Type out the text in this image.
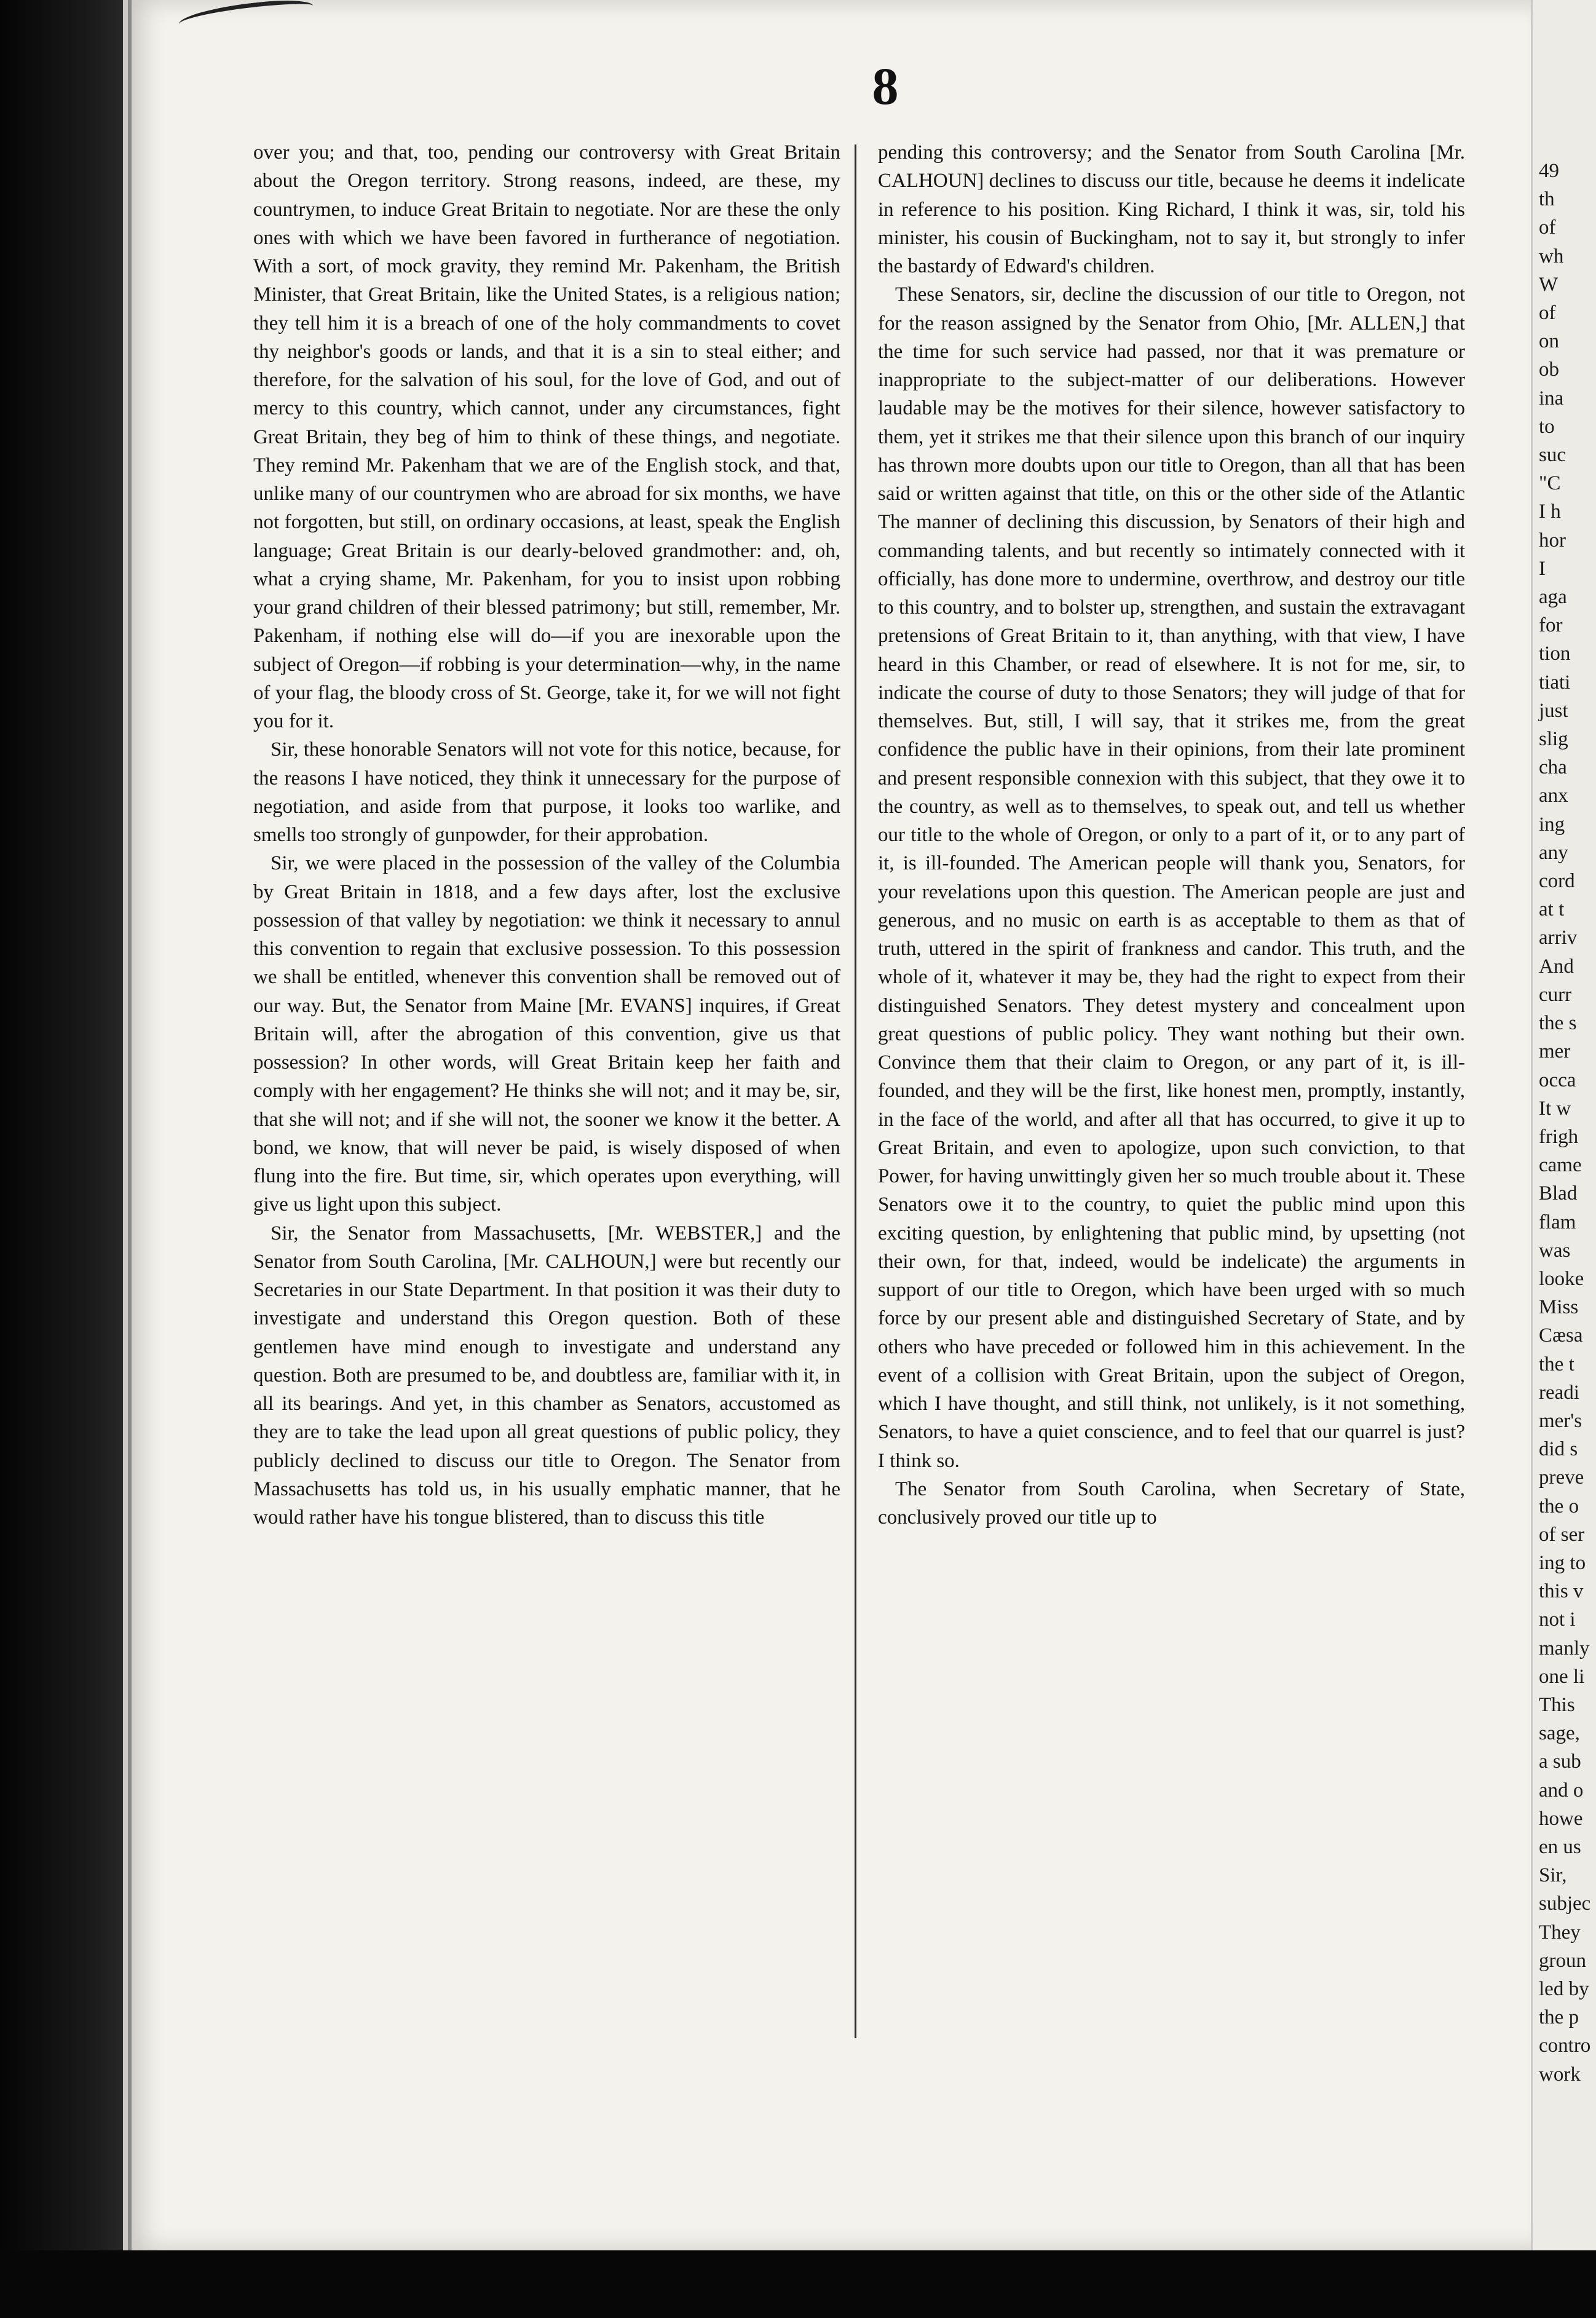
8

over you; and that, too, pending our controversy with Great Britain about the Oregon territory. Strong reasons, indeed, are these, my countrymen, to induce Great Britain to negotiate. Nor are these the only ones with which we have been favored in furtherance of negotiation. With a sort, of mock gravity, they remind Mr. Pakenham, the British Minister, that Great Britain, like the United States, is a religious nation; they tell him it is a breach of one of the holy commandments to covet thy neighbor's goods or lands, and that it is a sin to steal either; and therefore, for the salvation of his soul, for the love of God, and out of mercy to this country, which cannot, under any circumstances, fight Great Britain, they beg of him to think of these things, and negotiate. They remind Mr. Pakenham that we are of the English stock, and that, unlike many of our countrymen who are abroad for six months, we have not forgotten, but still, on ordinary occasions, at least, speak the English language; Great Britain is our dearly-beloved grandmother: and, oh, what a crying shame, Mr. Pakenham, for you to insist upon robbing your grand children of their blessed patrimony; but still, remember, Mr. Pakenham, if nothing else will do—if you are inexorable upon the subject of Oregon—if robbing is your determination—why, in the name of your flag, the bloody cross of St. George, take it, for we will not fight you for it.

Sir, these honorable Senators will not vote for this notice, because, for the reasons I have noticed, they think it unnecessary for the purpose of negotiation, and aside from that purpose, it looks too warlike, and smells too strongly of gunpowder, for their approbation.

Sir, we were placed in the possession of the valley of the Columbia by Great Britain in 1818, and a few days after, lost the exclusive possession of that valley by negotiation: we think it necessary to annul this convention to regain that exclusive possession. To this possession we shall be entitled, whenever this convention shall be removed out of our way. But, the Senator from Maine [Mr. EVANS] inquires, if Great Britain will, after the abrogation of this convention, give us that possession? In other words, will Great Britain keep her faith and comply with her engagement? He thinks she will not; and it may be, sir, that she will not; and if she will not, the sooner we know it the better. A bond, we know, that will never be paid, is wisely disposed of when flung into the fire. But time, sir, which operates upon everything, will give us light upon this subject.

Sir, the Senator from Massachusetts, [Mr. WEBSTER,] and the Senator from South Carolina, [Mr. CALHOUN,] were but recently our Secretaries in our State Department. In that position it was their duty to investigate and understand this Oregon question. Both of these gentlemen have mind enough to investigate and understand any question. Both are presumed to be, and doubtless are, familiar with it, in all its bearings. And yet, in this chamber as Senators, accustomed as they are to take the lead upon all great questions of public policy, they publicly declined to discuss our title to Oregon. The Senator from Massachusetts has told us, in his usually emphatic manner, that he would rather have his tongue blistered, than to discuss this title

pending this controversy; and the Senator from South Carolina [Mr. CALHOUN] declines to discuss our title, because he deems it indelicate in reference to his position. King Richard, I think it was, sir, told his minister, his cousin of Buckingham, not to say it, but strongly to infer the bastardy of Edward's children.

These Senators, sir, decline the discussion of our title to Oregon, not for the reason assigned by the Senator from Ohio, [Mr. ALLEN,] that the time for such service had passed, nor that it was premature or inappropriate to the subject-matter of our deliberations. However laudable may be the motives for their silence, however satisfactory to them, yet it strikes me that their silence upon this branch of our inquiry has thrown more doubts upon our title to Oregon, than all that has been said or written against that title, on this or the other side of the Atlantic The manner of declining this discussion, by Senators of their high and commanding talents, and but recently so intimately connected with it officially, has done more to undermine, overthrow, and destroy our title to this country, and to bolster up, strengthen, and sustain the extravagant pretensions of Great Britain to it, than anything, with that view, I have heard in this Chamber, or read of elsewhere. It is not for me, sir, to indicate the course of duty to those Senators; they will judge of that for themselves. But, still, I will say, that it strikes me, from the great confidence the public have in their opinions, from their late prominent and present responsible connexion with this subject, that they owe it to the country, as well as to themselves, to speak out, and tell us whether our title to the whole of Oregon, or only to a part of it, or to any part of it, is ill-founded. The American people will thank you, Senators, for your revelations upon this question. The American people are just and generous, and no music on earth is as acceptable to them as that of truth, uttered in the spirit of frankness and candor. This truth, and the whole of it, whatever it may be, they had the right to expect from their distinguished Senators. They detest mystery and concealment upon great questions of public policy. They want nothing but their own. Convince them that their claim to Oregon, or any part of it, is ill-founded, and they will be the first, like honest men, promptly, instantly, in the face of the world, and after all that has occurred, to give it up to Great Britain, and even to apologize, upon such conviction, to that Power, for having unwittingly given her so much trouble about it. These Senators owe it to the country, to quiet the public mind upon this exciting question, by enlightening that public mind, by upsetting (not their own, for that, indeed, would be indelicate) the arguments in support of our title to Oregon, which have been urged with so much force by our present able and distinguished Secretary of State, and by others who have preceded or followed him in this achievement. In the event of a collision with Great Britain, upon the subject of Oregon, which I have thought, and still think, not unlikely, is it not something, Senators, to have a quiet conscience, and to feel that our quarrel is just? I think so.

The Senator from South Carolina, when Secretary of State, conclusively proved our title up to

49
th
of
wh
W
of
on
ob
ina
to
suc
"C
I h
hor
I
aga
for
tion
tiati
just
slig
cha
anx
ing
any
cord
at t
arriv
And
curr
the s
mer
occa
It w
frigh
came
Blad
flam
was
looke
Miss
Cæsa
the t
readi
mer's
did s
preve
the o
of ser
ing to
this v
not i
manly
one li
This
sage,
a sub
and o
howe
en us
Sir,
subjec
They
groun
led by
the p
contro
work
